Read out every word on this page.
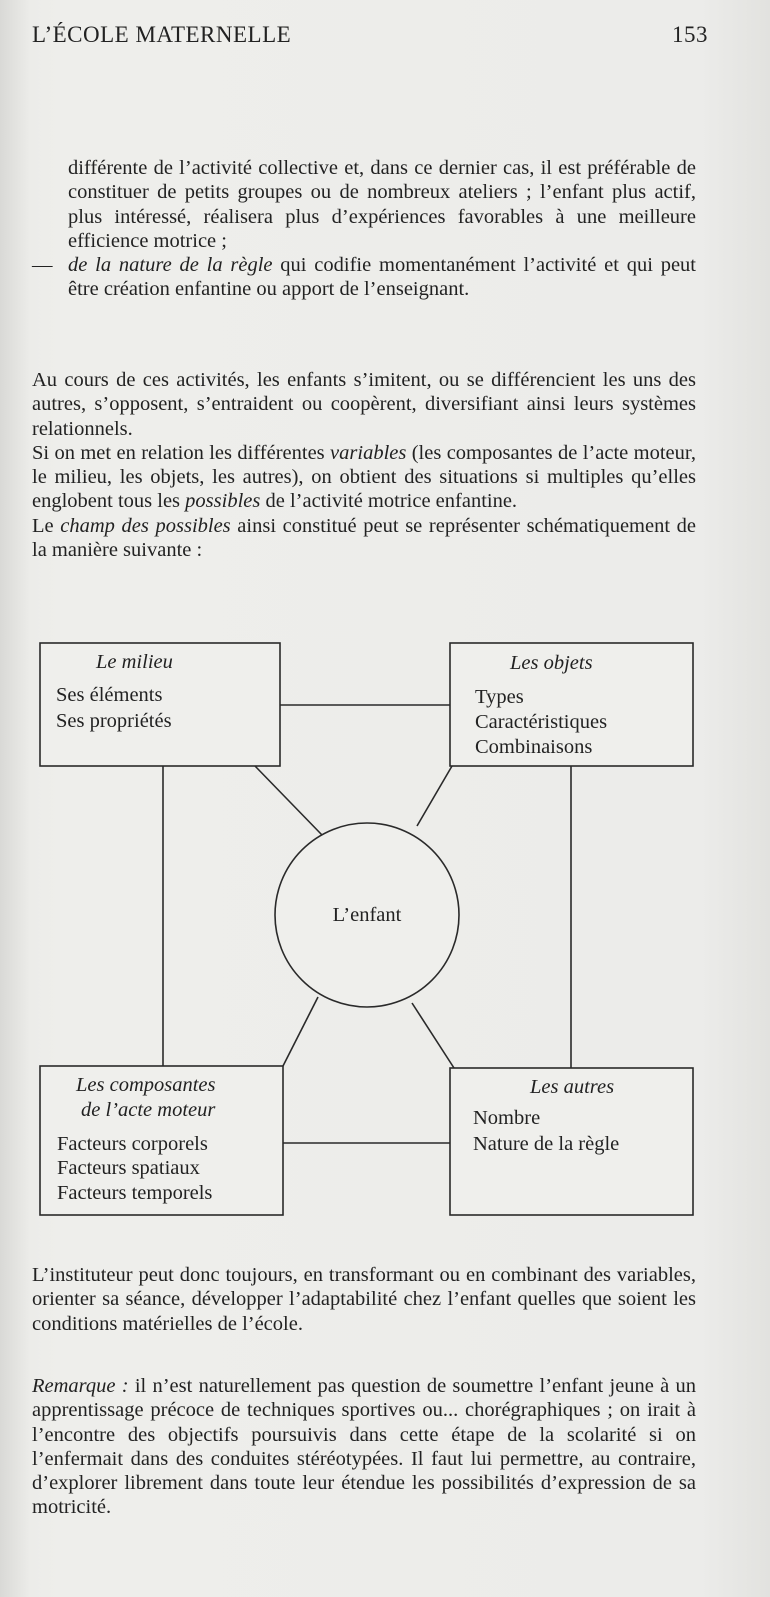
L’ÉCOLE MATERNELLE	153
différente de l’activité collective et, dans ce dernier cas, il est préférable de constituer de petits groupes ou de nombreux ateliers ; l’enfant plus actif, plus intéressé, réalisera plus d’expériences favorables à une meilleure efficience motrice ;
— de la nature de la règle qui codifie momentanément l’activité et qui peut être création enfantine ou apport de l’enseignant.
Au cours de ces activités, les enfants s’imitent, ou se différencient les uns des autres, s’opposent, s’entraident ou coopèrent, diversifiant ainsi leurs systèmes relationnels.
Si on met en relation les différentes variables (les composantes de l’acte moteur, le milieu, les objets, les autres), on obtient des situations si multiples qu’elles englobent tous les possibles de l’activité motrice enfantine.
Le champ des possibles ainsi constitué peut se représenter schématiquement de la manière suivante :
L’enfant
Le milieu
Ses éléments
Ses propriétés
Les objets
Types
Caractéristiques
Combinaisons
Les composantes
de l’acte moteur
Facteurs corporels
Facteurs spatiaux
Facteurs temporels
Les autres
Nombre
Nature de la règle
L’instituteur peut donc toujours, en transformant ou en combinant des variables, orienter sa séance, développer l’adaptabilité chez l’enfant quelles que soient les conditions matérielles de l’école.
Remarque : il n’est naturellement pas question de soumettre l’enfant jeune à un apprentissage précoce de techniques sportives ou... chorégraphiques ; on irait à l’encontre des objectifs poursuivis dans cette étape de la scolarité si on l’enfermait dans des conduites stéréotypées. Il faut lui permettre, au contraire, d’explorer librement dans toute leur étendue les possibilités d’expression de sa motricité.
